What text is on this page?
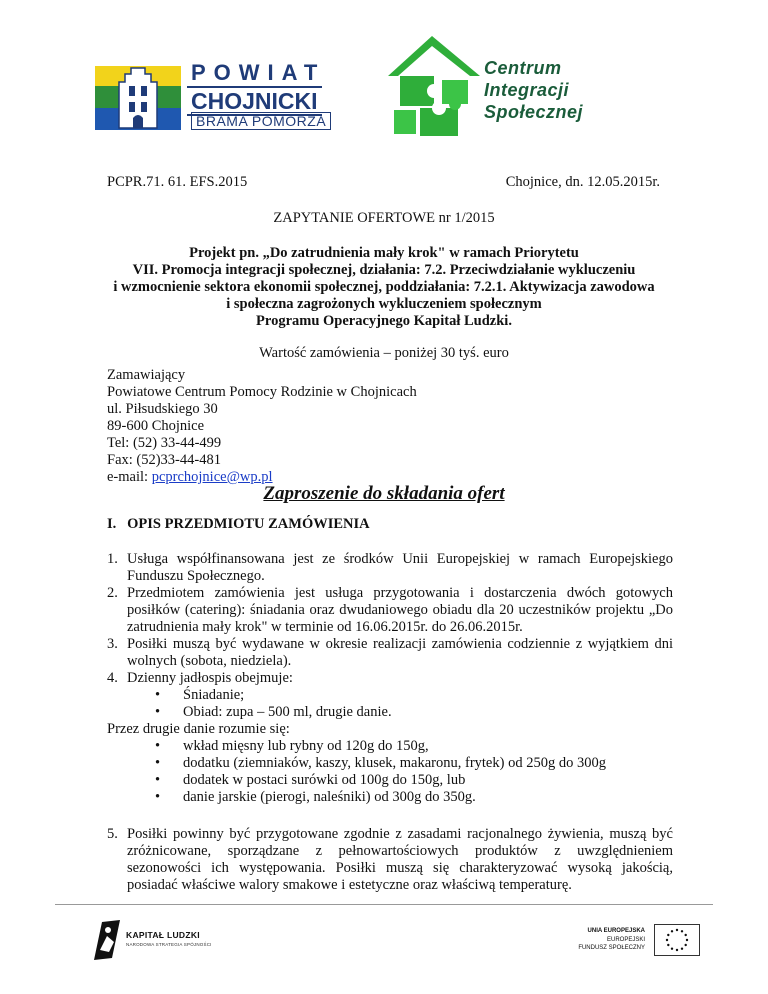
POWIAT
CHOJNICKI
BRAMA POMORZA
Centrum
Integracji
Społecznej
PCPR.71. 61. EFS.2015	Chojnice, dn. 12.05.2015r.
ZAPYTANIE OFERTOWE nr 1/2015
Projekt pn. „Do zatrudnienia mały krok" w ramach Priorytetu
VII. Promocja integracji społecznej, działania: 7.2. Przeciwdziałanie wykluczeniu
i wzmocnienie sektora ekonomii społecznej, poddziałania: 7.2.1. Aktywizacja zawodowa
i społeczna zagrożonych wykluczeniem społecznym
Programu Operacyjnego Kapitał Ludzki.
Wartość zamówienia – poniżej 30 tyś. euro
Zamawiający
Powiatowe Centrum Pomocy Rodzinie w Chojnicach
ul. Piłsudskiego 30
89-600 Chojnice
Tel: (52) 33-44-499
Fax: (52)33-44-481
e-mail: pcprchojnice@wp.pl
Zaproszenie do składania ofert
I.   OPIS PRZEDMIOTU ZAMÓWIENIA
1. Usługa współfinansowana jest ze środków Unii Europejskiej w ramach Europejskiego Funduszu Społecznego.
2. Przedmiotem zamówienia jest usługa przygotowania i dostarczenia dwóch gotowych posiłków (catering): śniadania oraz dwudaniowego obiadu dla 20 uczestników projektu „Do zatrudnienia mały krok" w terminie od 16.06.2015r. do 26.06.2015r.
3. Posiłki muszą być wydawane w okresie realizacji zamówienia codziennie z wyjątkiem dni wolnych (sobota, niedziela).
4. Dzienny jadłospis obejmuje:
• Śniadanie;
• Obiad: zupa – 500 ml, drugie danie.
Przez drugie danie rozumie się:
• wkład mięsny lub rybny od 120g do 150g,
• dodatku (ziemniaków, kaszy, klusek, makaronu, frytek) od 250g do 300g
• dodatek w postaci surówki od 100g do 150g, lub
• danie jarskie (pierogi, naleśniki) od 300g do 350g.
5. Posiłki powinny być przygotowane zgodnie z zasadami racjonalnego żywienia, muszą być zróżnicowane, sporządzane z pełnowartościowych produktów z uwzględnieniem sezonowości ich występowania. Posiłki muszą się charakteryzować wysoką jakością, posiadać właściwe walory smakowe i estetyczne oraz właściwą temperaturę.
KAPITAŁ LUDZKI
NARODOWA STRATEGIA SPÓJNOŚCI
UNIA EUROPEJSKA
EUROPEJSKI
FUNDUSZ SPOŁECZNY
